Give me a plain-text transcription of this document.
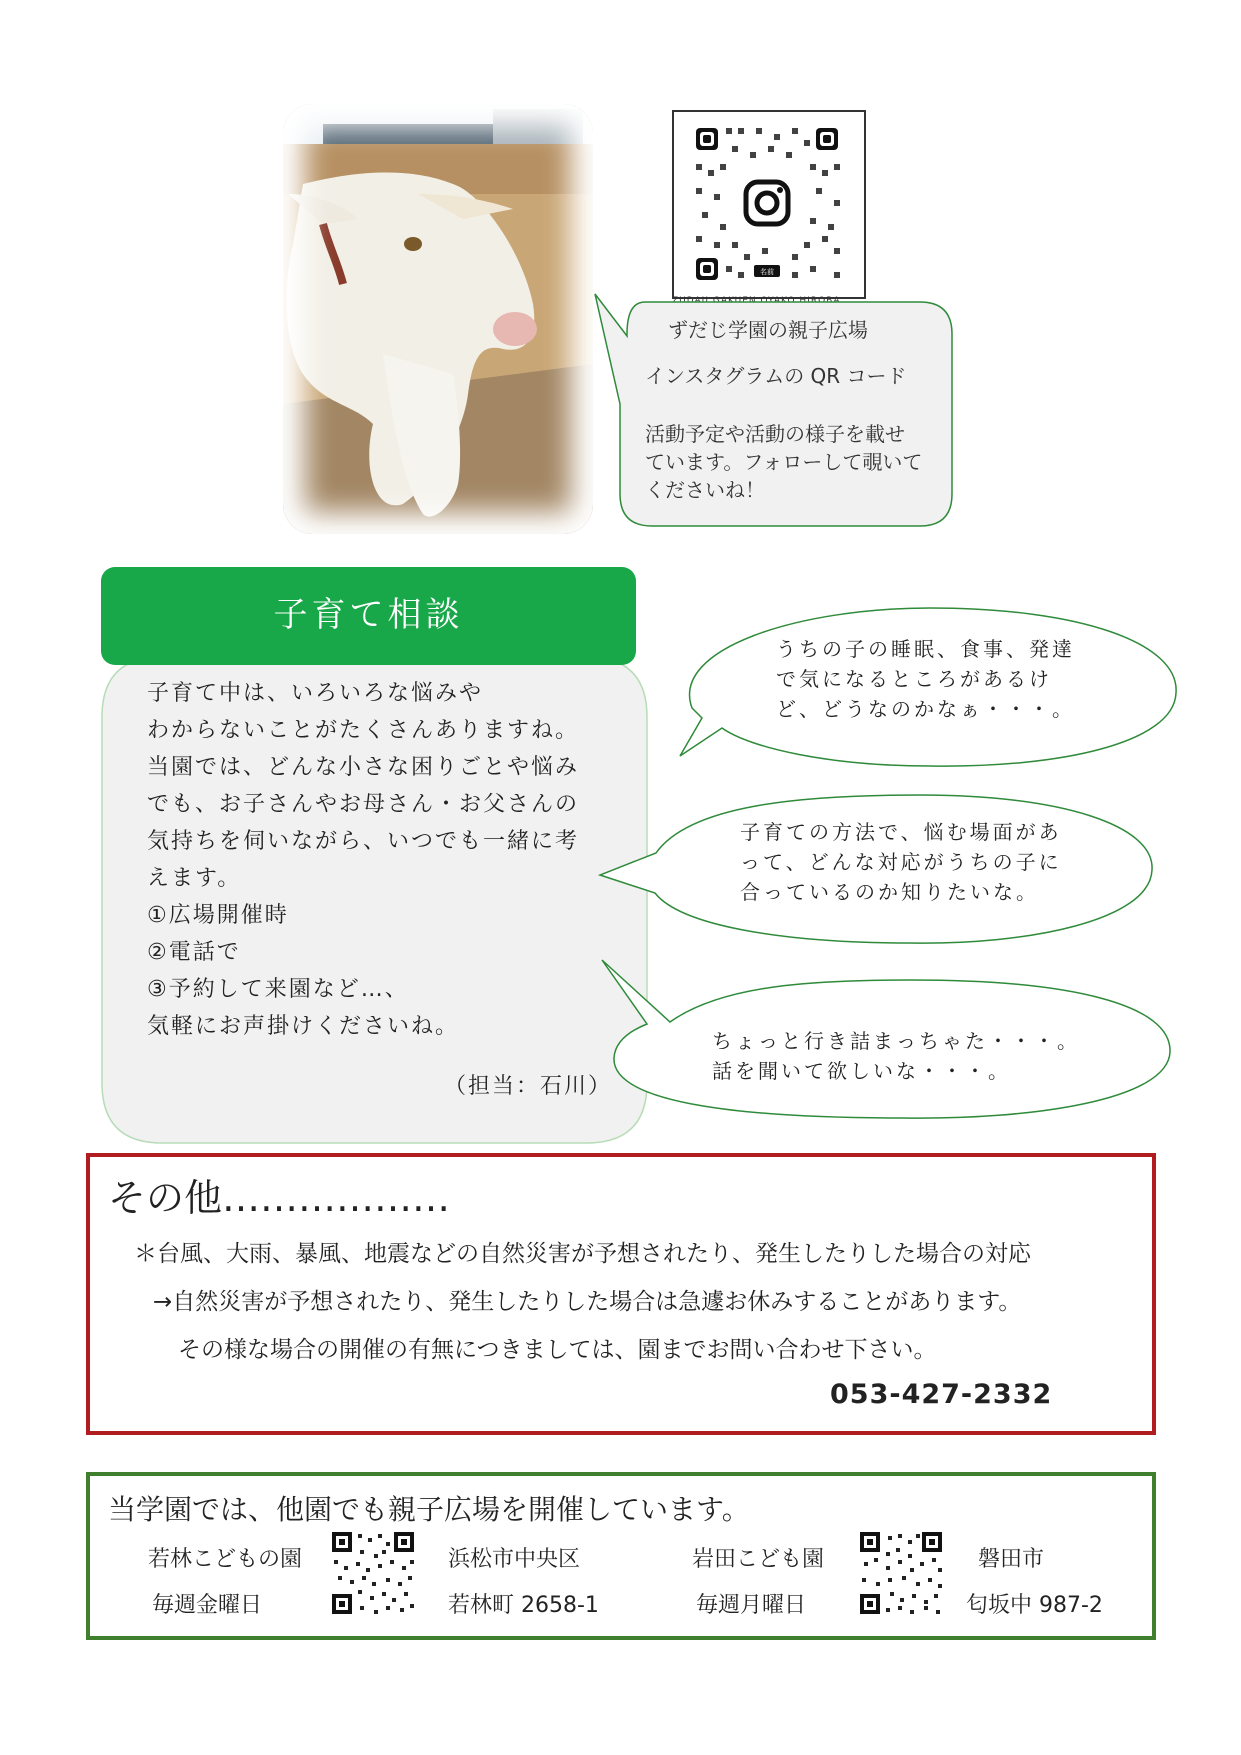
名前
ZUDAJI GAKUEN OYAKO HIROBA
ずだじ学園の親子広場
インスタグラムの QR コード
活動予定や活動の様子を載せ
ています。フォローして覗いて
くださいね！
子育て中は、いろいろな悩みや
わからないことがたくさんありますね。
当園では、どんな小さな困りごとや悩み
でも、お子さんやお母さん・お父さんの
気持ちを伺いながら、いつでも一緒に考
えます。
①広場開催時
②電話で
③予約して来園など…、
気軽にお声掛けくださいね。
（担当：石川）
子育て相談
うちの子の睡眠、食事、発達
で気になるところがあるけ
ど、どうなのかなぁ・・・。
子育ての方法で、悩む場面があ
って、どんな対応がうちの子に
合っているのか知りたいな。
ちょっと行き詰まっちゃた・・・。
話を聞いて欲しいな・・・。
その他………………
＊台風、大雨、暴風、地震などの自然災害が予想されたり、発生したりした場合の対応
→自然災害が予想されたり、発生したりした場合は急遽お休みすることがあります。
その様な場合の開催の有無につきましては、園までお問い合わせ下さい。
053-427-2332
当学園では、他園でも親子広場を開催しています。
若林こどもの園
毎週金曜日
浜松市中央区
若林町 2658-1
岩田こども園
毎週月曜日
磐田市
匂坂中 987-2
